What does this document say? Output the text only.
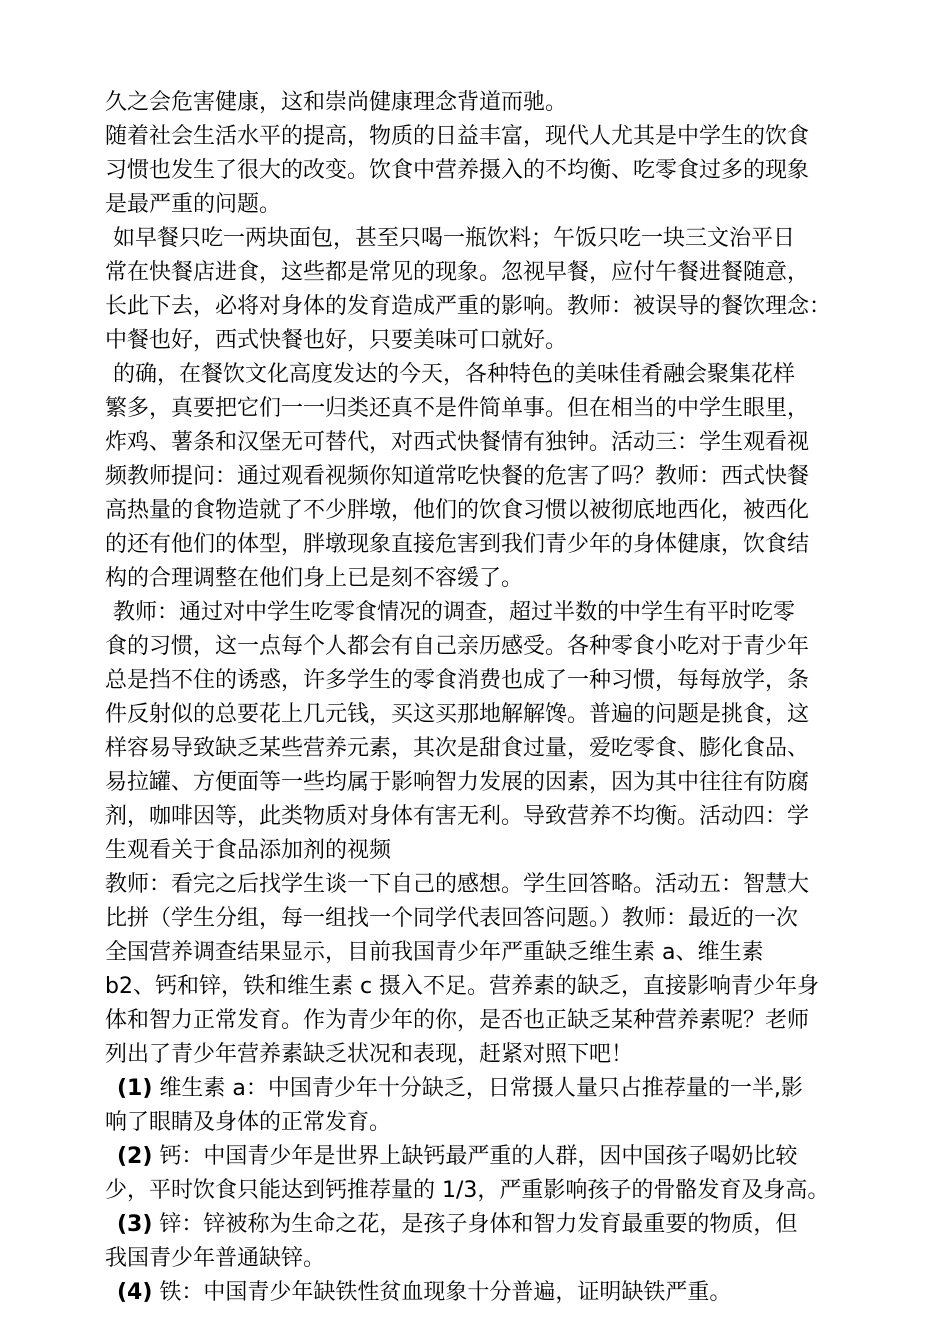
久之会危害健康，这和崇尚健康理念背道而驰。
随着社会生活水平的提高，物质的日益丰富，现代人尤其是中学生的饮食
习惯也发生了很大的改变。饮食中营养摄入的不均衡、吃零食过多的现象
是最严重的问题。
如早餐只吃一两块面包，甚至只喝一瓶饮料；午饭只吃一块三文治平日
常在快餐店进食，这些都是常见的现象。忽视早餐，应付午餐进餐随意，
长此下去，必将对身体的发育造成严重的影响。教师：被误导的餐饮理念：
中餐也好，西式快餐也好，只要美味可口就好。
的确，在餐饮文化高度发达的今天，各种特色的美味佳肴融会聚集花样
繁多，真要把它们一一归类还真不是件简单事。但在相当的中学生眼里，
炸鸡、薯条和汉堡无可替代，对西式快餐情有独钟。活动三：学生观看视
频教师提问：通过观看视频你知道常吃快餐的危害了吗？教师：西式快餐
高热量的食物造就了不少胖墩，他们的饮食习惯以被彻底地西化，被西化
的还有他们的体型，胖墩现象直接危害到我们青少年的身体健康，饮食结
构的合理调整在他们身上已是刻不容缓了。
教师：通过对中学生吃零食情况的调查，超过半数的中学生有平时吃零
食的习惯，这一点每个人都会有自己亲历感受。各种零食小吃对于青少年
总是挡不住的诱惑，许多学生的零食消费也成了一种习惯，每每放学，条
件反射似的总要花上几元钱，买这买那地解解馋。普遍的问题是挑食，这
样容易导致缺乏某些营养元素，其次是甜食过量，爱吃零食、膨化食品、
易拉罐、方便面等一些均属于影响智力发展的因素，因为其中往往有防腐
剂，咖啡因等，此类物质对身体有害无利。导致营养不均衡。活动四：学
生观看关于食品添加剂的视频
教师：看完之后找学生谈一下自己的感想。学生回答略。活动五：智慧大
比拼（学生分组，每一组找一个同学代表回答问题。）教师：最近的一次
全国营养调查结果显示，目前我国青少年严重缺乏维生素 a、维生素
b2、钙和锌，铁和维生素 c 摄入不足。营养素的缺乏，直接影响青少年身
体和智力正常发育。作为青少年的你，是否也正缺乏某种营养素呢？老师
列出了青少年营养素缺乏状况和表现，赶紧对照下吧！
(1) 维生素 a：中国青少年十分缺乏，日常摄人量只占推荐量的一半,影
响了眼睛及身体的正常发育。
(2) 钙：中国青少年是世界上缺钙最严重的人群，因中国孩子喝奶比较
少，平时饮食只能达到钙推荐量的 1/3，严重影响孩子的骨骼发育及身高。
(3) 锌：锌被称为生命之花，是孩子身体和智力发育最重要的物质，但
我国青少年普通缺锌。
(4) 铁：中国青少年缺铁性贫血现象十分普遍，证明缺铁严重。
